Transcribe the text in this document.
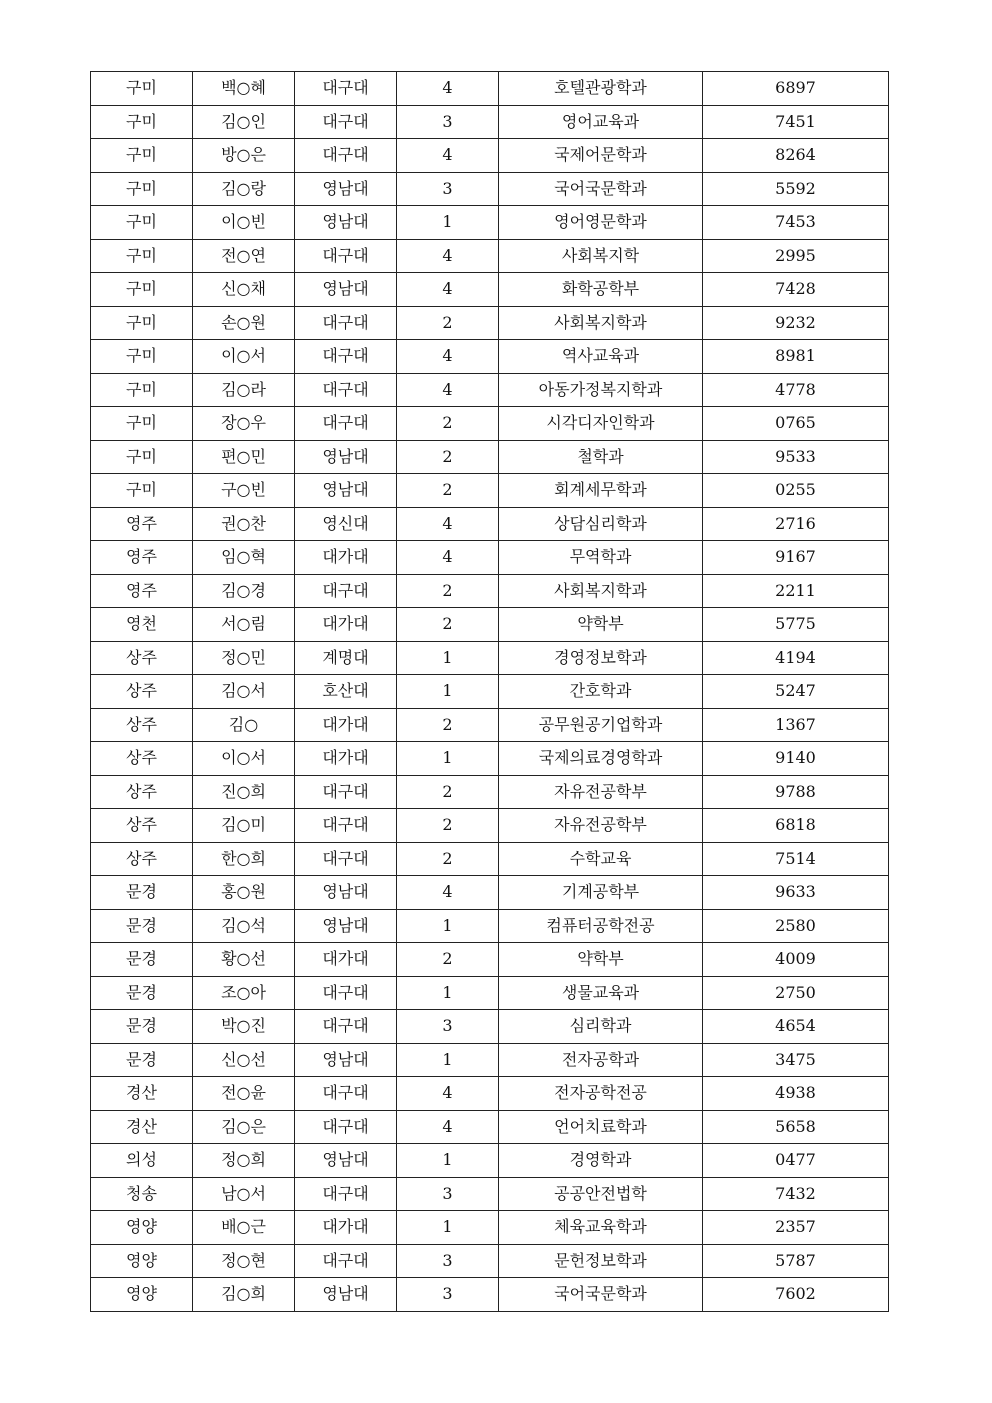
구미	백○혜	대구대	4	호텔관광학과	6897
구미	김○인	대구대	3	영어교육과	7451
구미	방○은	대구대	4	국제어문학과	8264
구미	김○랑	영남대	3	국어국문학과	5592
구미	이○빈	영남대	1	영어영문학과	7453
구미	전○연	대구대	4	사회복지학	2995
구미	신○채	영남대	4	화학공학부	7428
구미	손○원	대구대	2	사회복지학과	9232
구미	이○서	대구대	4	역사교육과	8981
구미	김○라	대구대	4	아동가정복지학과	4778
구미	장○우	대구대	2	시각디자인학과	0765
구미	편○민	영남대	2	철학과	9533
구미	구○빈	영남대	2	회계세무학과	0255
영주	권○찬	영신대	4	상담심리학과	2716
영주	임○혁	대가대	4	무역학과	9167
영주	김○경	대구대	2	사회복지학과	2211
영천	서○림	대가대	2	약학부	5775
상주	정○민	계명대	1	경영정보학과	4194
상주	김○서	호산대	1	간호학과	5247
상주	김○	대가대	2	공무원공기업학과	1367
상주	이○서	대가대	1	국제의료경영학과	9140
상주	진○희	대구대	2	자유전공학부	9788
상주	김○미	대구대	2	자유전공학부	6818
상주	한○희	대구대	2	수학교육	7514
문경	홍○원	영남대	4	기계공학부	9633
문경	김○석	영남대	1	컴퓨터공학전공	2580
문경	황○선	대가대	2	약학부	4009
문경	조○아	대구대	1	생물교육과	2750
문경	박○진	대구대	3	심리학과	4654
문경	신○선	영남대	1	전자공학과	3475
경산	전○윤	대구대	4	전자공학전공	4938
경산	김○은	대구대	4	언어치료학과	5658
의성	정○희	영남대	1	경영학과	0477
청송	남○서	대구대	3	공공안전법학	7432
영양	배○근	대가대	1	체육교육학과	2357
영양	정○현	대구대	3	문헌정보학과	5787
영양	김○희	영남대	3	국어국문학과	7602
